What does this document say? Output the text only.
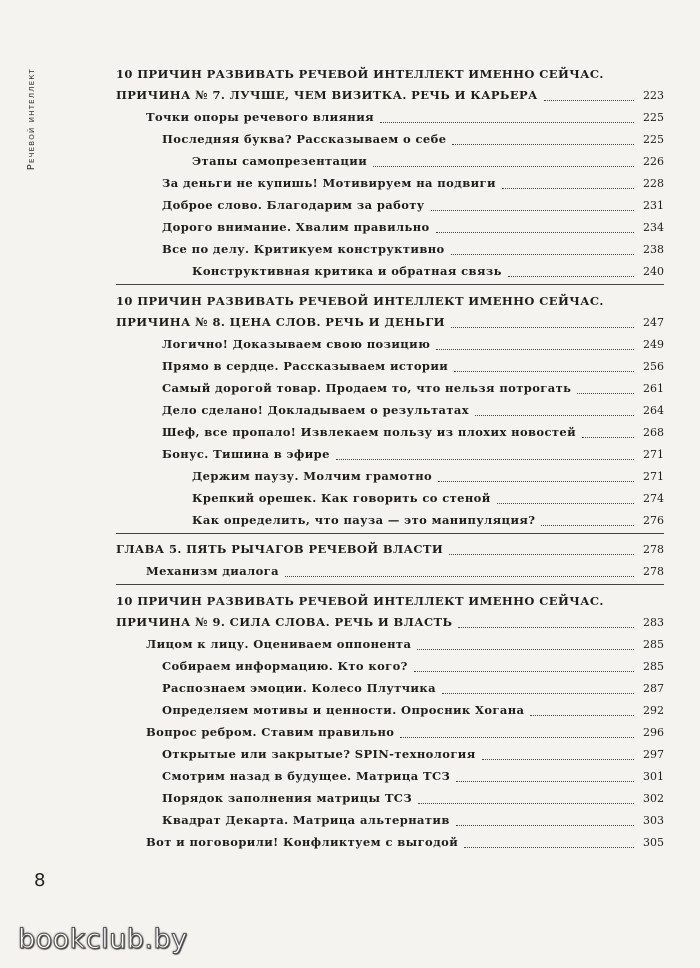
Речевой интеллект	10 ПРИЧИН РАЗВИВАТЬ РЕЧЕВОЙ ИНТЕЛЛЕКТ ИМЕННО СЕЙЧАС.
ПРИЧИНА № 7. ЛУЧШЕ, ЧЕМ ВИЗИТКА. РЕЧЬ И КАРЬЕРА	223
Точки опоры речевого влияния	225
Последняя буква? Рассказываем о себе	225
Этапы самопрезентации	226
За деньги не купишь! Мотивируем на подвиги	228
Доброе слово. Благодарим за работу	231
Дорого внимание. Хвалим правильно	234
Все по делу. Критикуем конструктивно	238
Конструктивная критика и обратная связь	240
10 ПРИЧИН РАЗВИВАТЬ РЕЧЕВОЙ ИНТЕЛЛЕКТ ИМЕННО СЕЙЧАС.
ПРИЧИНА № 8. ЦЕНА СЛОВ. РЕЧЬ И ДЕНЬГИ	247
Логично! Доказываем свою позицию	249
Прямо в сердце. Рассказываем истории	256
Самый дорогой товар. Продаем то, что нельзя потрогать	261
Дело сделано! Докладываем о результатах	264
Шеф, все пропало! Извлекаем пользу из плохих новостей	268
Бонус. Тишина в эфире	271
Держим паузу. Молчим грамотно	271
Крепкий орешек. Как говорить со стеной	274
Как определить, что пауза — это манипуляция?	276
ГЛАВА 5. ПЯТЬ РЫЧАГОВ РЕЧЕВОЙ ВЛАСТИ	278
Механизм диалога	278
10 ПРИЧИН РАЗВИВАТЬ РЕЧЕВОЙ ИНТЕЛЛЕКТ ИМЕННО СЕЙЧАС.
ПРИЧИНА № 9. СИЛА СЛОВА. РЕЧЬ И ВЛАСТЬ	283
Лицом к лицу. Оцениваем оппонента	285
Собираем информацию. Кто кого?	285
Распознаем эмоции. Колесо Плутчика	287
Определяем мотивы и ценности. Опросник Хогана	292
Вопрос ребром. Ставим правильно	296
Открытые или закрытые? SPIN-технология	297
Смотрим назад в будущее. Матрица ТСЗ	301
Порядок заполнения матрицы ТСЗ	302
Квадрат Декарта. Матрица альтернатив	303
Вот и поговорили! Конфликтуем с выгодой	305
8
bookclub.by
